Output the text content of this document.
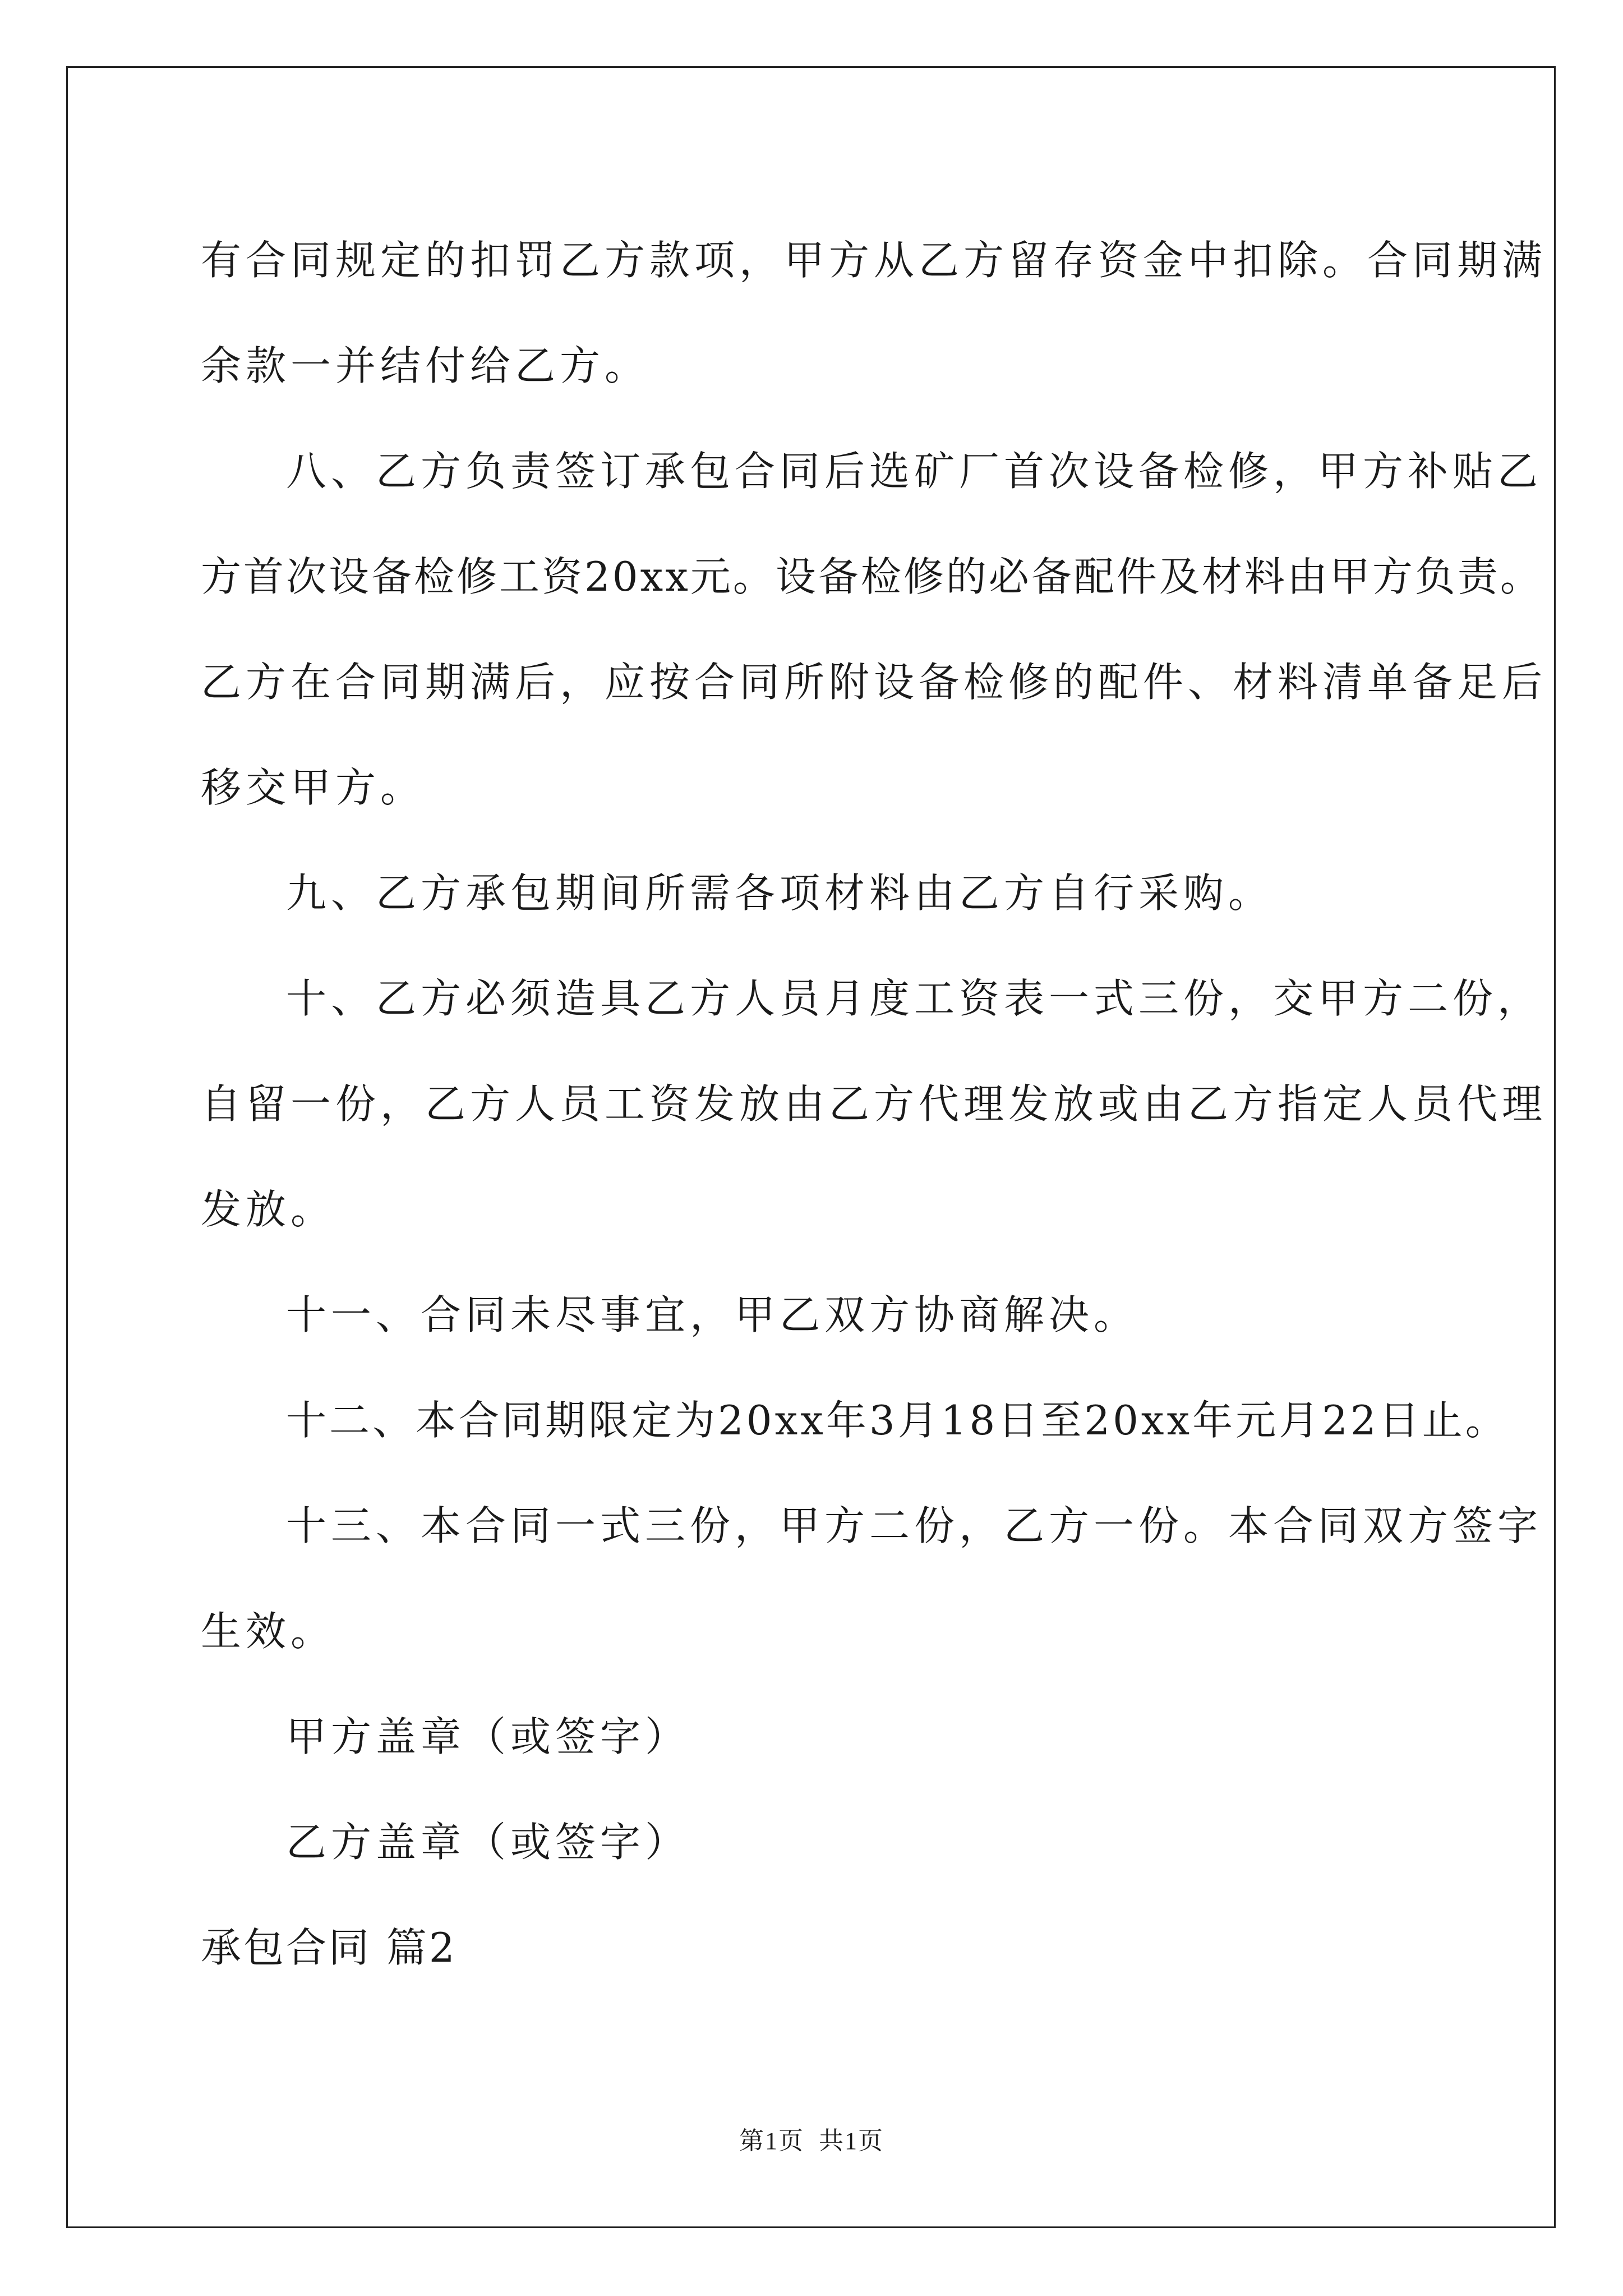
有合同规定的扣罚乙方款项，甲方从乙方留存资金中扣除。合同期满

余款一并结付给乙方。

八、乙方负责签订承包合同后选矿厂首次设备检修，甲方补贴乙

方首次设备检修工资20xx元。设备检修的必备配件及材料由甲方负责。

乙方在合同期满后，应按合同所附设备检修的配件、材料清单备足后

移交甲方。

九、乙方承包期间所需各项材料由乙方自行采购。

十、乙方必须造具乙方人员月度工资表一式三份，交甲方二份，

自留一份，乙方人员工资发放由乙方代理发放或由乙方指定人员代理

发放。

十一、合同未尽事宜，甲乙双方协商解决。

十二、本合同期限定为20xx年3月18日至20xx年元月22日止。

十三、本合同一式三份，甲方二份，乙方一份。本合同双方签字

生效。

甲方盖章（或签字）

乙方盖章（或签字）

承包合同 篇2

第1页  共1页
